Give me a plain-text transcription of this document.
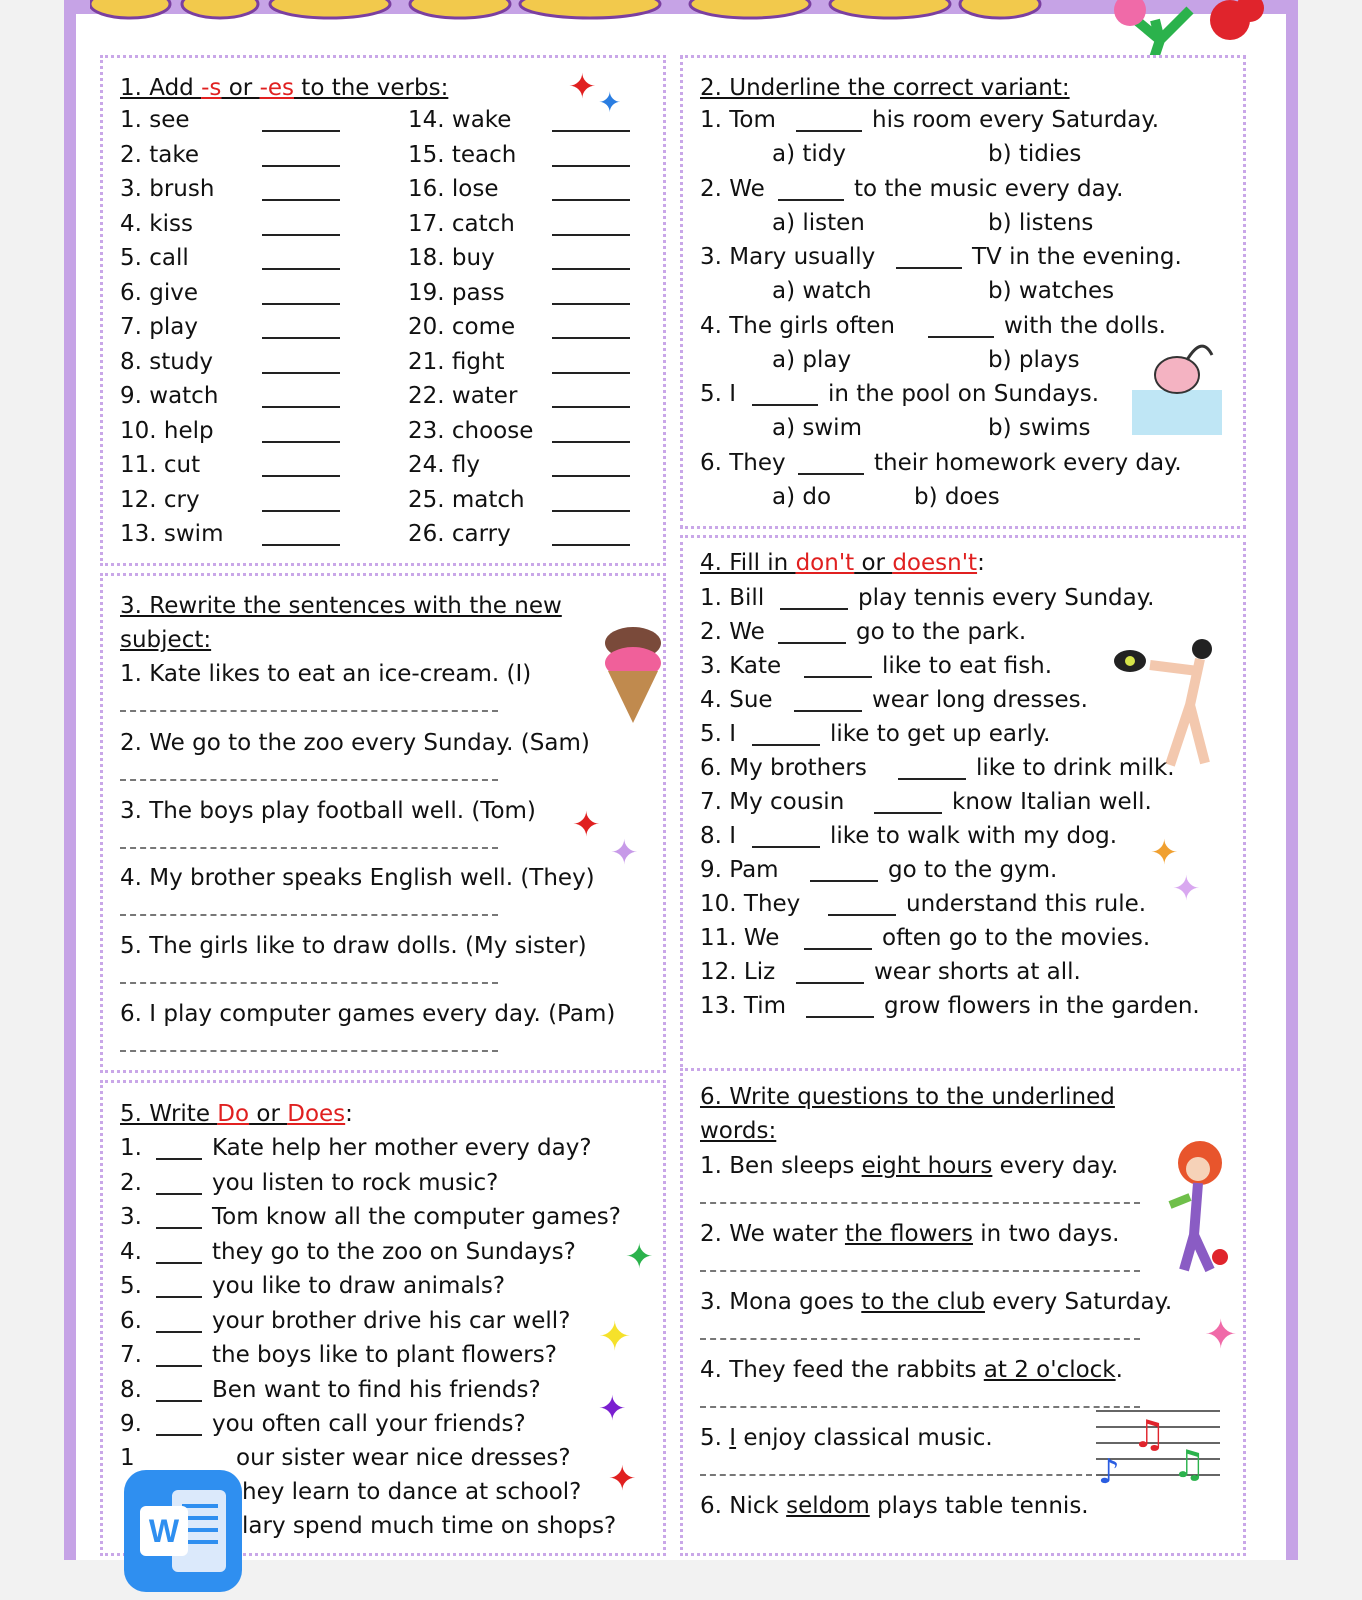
1. Add -s or -es to the verbs:	✦ ✦	2. Underline the correct variant:
3. Rewrite the sentences with the new
subject:
✦
✦
4. Fill in don't or doesn't:
✦
✦
5. Write Do or Does:
1	our sister wear nice dresses?
hey learn to dance at school?
lary spend much time on shops?
✦
✦
✦
✦
6. Write questions to the underlined
words:
✦
♫
♫
♪
W
1. see	14. wake
2. take	15. teach
3. brush	16. lose
4. kiss	17. catch
5. call	18. buy
6. give	19. pass
7. play	20. come
8. study	21. fight
9. watch	22. water
10. help	23. choose
11. cut	24. fly
12. cry	25. match
13. swim	26. carry
1. Tom	his room every Saturday.
a) tidy	b) tidies
2. We	to the music every day.
a) listen	b) listens
3. Mary usually	TV in the evening.
a) watch	b) watches
4. The girls often	with the dolls.
a) play	b) plays
5. I	in the pool on Sundays.
a) swim	b) swims
6. They	their homework every day.
a) do	b) does
1. Kate likes to eat an ice-cream. (I)
2. We go to the zoo every Sunday. (Sam)
3. The boys play football well. (Tom)
4. My brother speaks English well. (They)
5. The girls like to draw dolls. (My sister)
6. I play computer games every day. (Pam)
1. Bill	play tennis every Sunday.
2. We	go to the park.
3. Kate	like to eat fish.
4. Sue	wear long dresses.
5. I	like to get up early.
6. My brothers	like to drink milk.
7. My cousin	know Italian well.
8. I	like to walk with my dog.
9. Pam	go to the gym.
10. They	understand this rule.
11. We	often go to the movies.
12. Liz	wear shorts at all.
13. Tim	grow flowers in the garden.
1.	Kate help her mother every day?
2.	you listen to rock music?
3.	Tom know all the computer games?
4.	they go to the zoo on Sundays?
5.	you like to draw animals?
6.	your brother drive his car well?
7.	the boys like to plant flowers?
8.	Ben want to find his friends?
9.	you often call your friends?
1. Ben sleeps eight hours every day.
2. We water the flowers in two days.
3. Mona goes to the club every Saturday.
4. They feed the rabbits at 2 o'clock.
5. I enjoy classical music.
6. Nick seldom plays table tennis.
